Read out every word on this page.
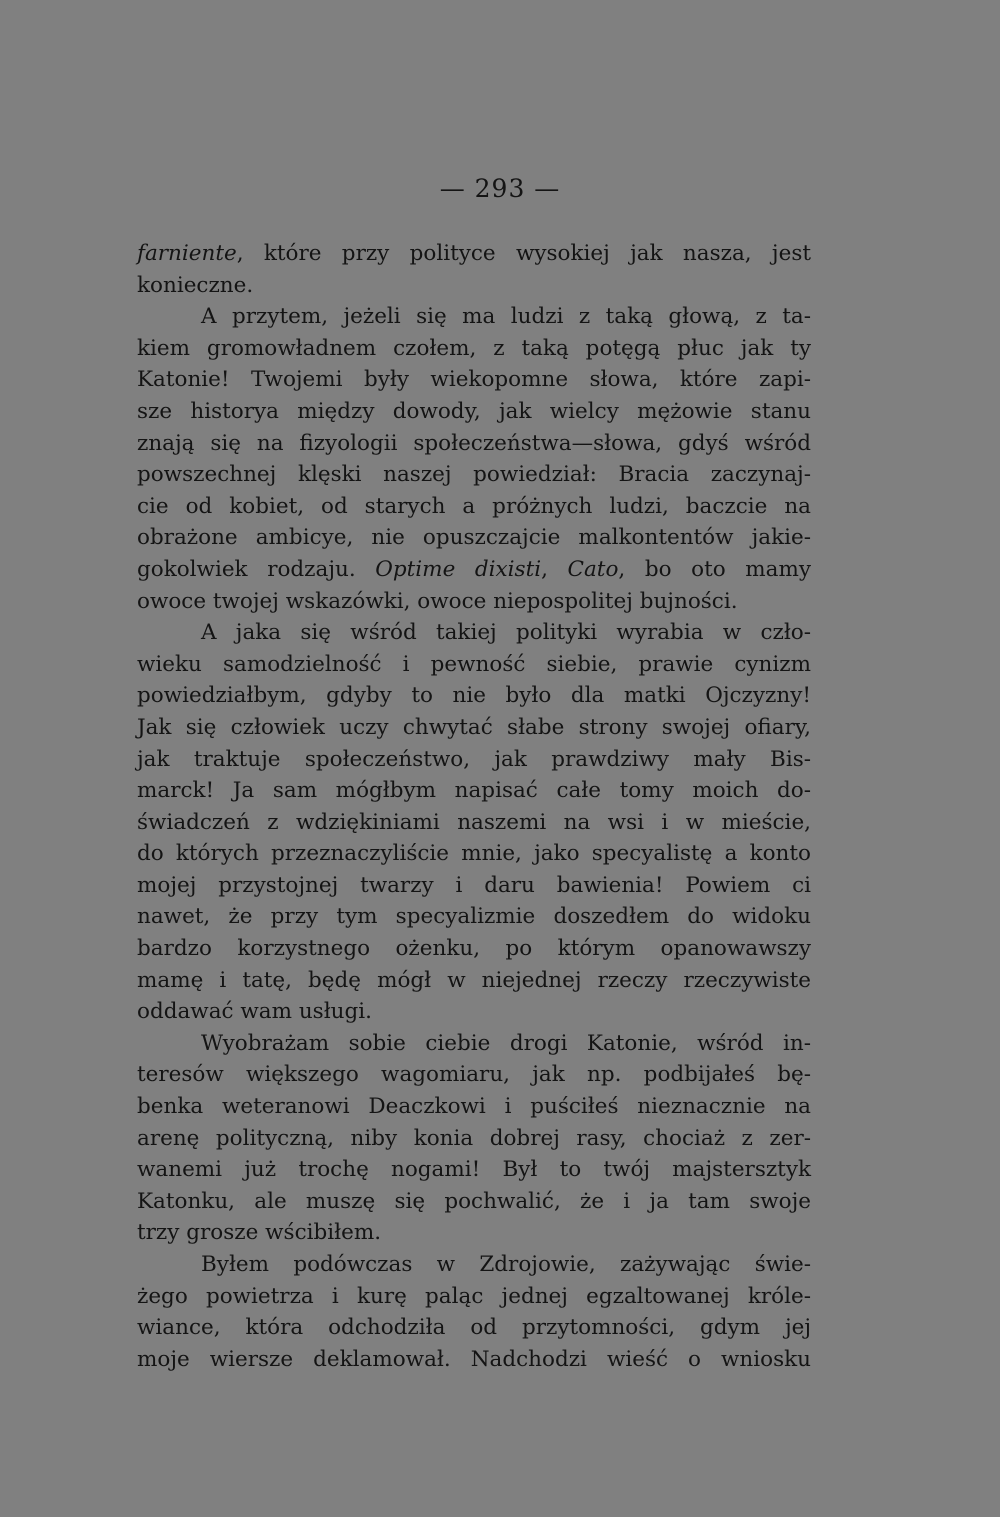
— 293 —
farniente, które przy polityce wysokiej jak nasza, jest
konieczne.
A przytem, jeżeli się ma ludzi z taką głową, z ta-
kiem gromowładnem czołem, z taką potęgą płuc jak ty
Katonie! Twojemi były wiekopomne słowa, które zapi-
sze historya między dowody, jak wielcy mężowie stanu
znają się na fizyologii społeczeństwa—słowa, gdyś wśród
powszechnej klęski naszej powiedział: Bracia zaczynaj-
cie od kobiet, od starych a próżnych ludzi, baczcie na
obrażone ambicye, nie opuszczajcie malkontentów jakie-
gokolwiek rodzaju. Optime dixisti, Cato, bo oto mamy
owoce twojej wskazówki, owoce niepospolitej bujności.
A jaka się wśród takiej polityki wyrabia w czło-
wieku samodzielność i pewność siebie, prawie cynizm
powiedziałbym, gdyby to nie było dla matki Ojczyzny!
Jak się człowiek uczy chwytać słabe strony swojej ofiary,
jak traktuje społeczeństwo, jak prawdziwy mały Bis-
marck! Ja sam mógłbym napisać całe tomy moich do-
świadczeń z wdziękiniami naszemi na wsi i w mieście,
do których przeznaczyliście mnie, jako specyalistę a konto
mojej przystojnej twarzy i daru bawienia! Powiem ci
nawet, że przy tym specyalizmie doszedłem do widoku
bardzo korzystnego ożenku, po którym opanowawszy
mamę i tatę, będę mógł w niejednej rzeczy rzeczywiste
oddawać wam usługi.
Wyobrażam sobie ciebie drogi Katonie, wśród in-
teresów większego wagomiaru, jak np. podbijałeś bę-
benka weteranowi Deaczkowi i puściłeś nieznacznie na
arenę polityczną, niby konia dobrej rasy, chociaż z zer-
wanemi już trochę nogami! Był to twój majstersztyk
Katonku, ale muszę się pochwalić, że i ja tam swoje
trzy grosze wścibiłem.
Byłem podówczas w Zdrojowie, zażywając świe-
żego powietrza i kurę paląc jednej egzaltowanej króle-
wiance, która odchodziła od przytomności, gdym jej
moje wiersze deklamował. Nadchodzi wieść o wniosku
